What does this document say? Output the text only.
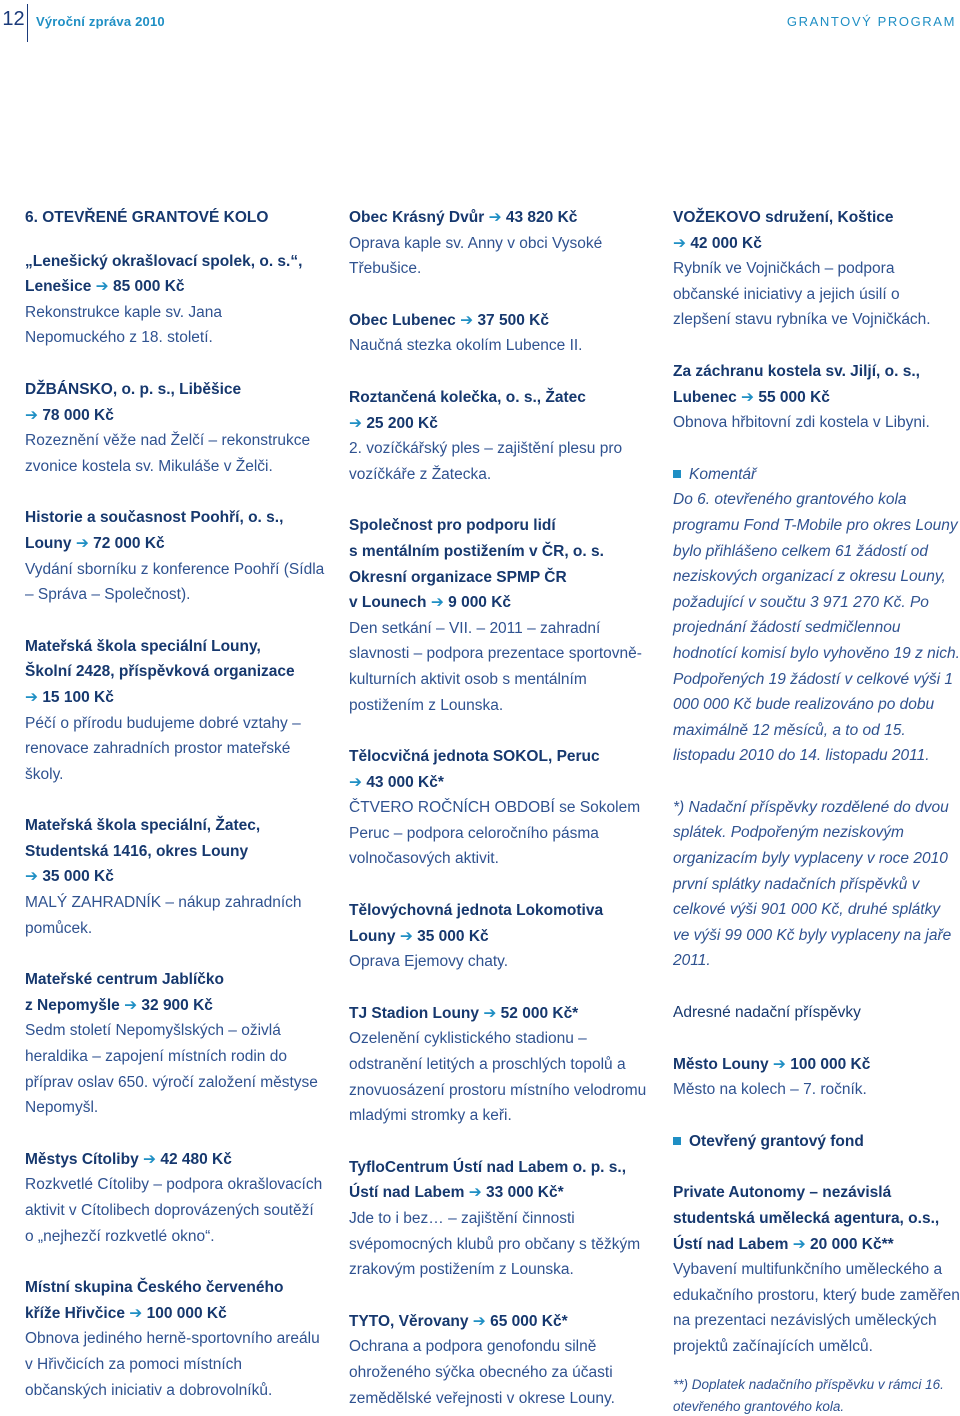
12 Výroční zpráva 2010	GRANTOVÝ PROGRAM
6. OTEVŘENÉ GRANTOVÉ KOLO
„Lenešický okrašlovací spolek, o. s.“,
Lenešice ➔ 85 000 Kč
Rekonstrukce kaple sv. Jana Nepomuckého z 18. století.
DŽBÁNSKO, o. p. s., Liběšice
➔ 78 000 Kč
Rozeznění věže nad Želčí – rekonstrukce zvonice kostela sv. Mikuláše v Želči.
Historie a současnost Poohří, o. s.,
Louny ➔ 72 000 Kč
Vydání sborníku z konference Poohří (Sídla – Správa – Společnost).
Mateřská škola speciální Louny,
Školní 2428, příspěvková organizace
➔ 15 100 Kč
Péčí o přírodu budujeme dobré vztahy – renovace zahradních prostor mateřské školy.
Mateřská škola speciální, Žatec,
Studentská 1416, okres Louny
➔ 35 000 Kč
MALÝ ZAHRADNÍK – nákup zahradních pomůcek.
Mateřské centrum Jablíčko
z Nepomyšle ➔ 32 900 Kč
Sedm století Nepomyšlských – oživlá heraldika – zapojení místních rodin do příprav oslav 650. výročí založení městyse Nepomyšl.
Městys Cítoliby ➔ 42 480 Kč
Rozkvetlé Cítoliby – podpora okrašlovacích aktivit v Cítolibech doprovázených soutěží o „nejhezčí rozkvetlé okno“.
Místní skupina Českého červeného
kříže Hřivčice ➔ 100 000 Kč
Obnova jediného herně-sportovního areálu v Hřivčicích za pomoci místních občanských iniciativ a dobrovolníků.
Obec Krásný Dvůr ➔ 43 820 Kč
Oprava kaple sv. Anny v obci Vysoké Třebušice.
Obec Lubenec ➔ 37 500 Kč
Naučná stezka okolím Lubence II.
Roztančená kolečka, o. s., Žatec
➔ 25 200 Kč
2. vozíčkářský ples – zajištění plesu pro vozíčkáře z Žatecka.
Společnost pro podporu lidí
s mentálním postižením v ČR, o. s.
Okresní organizace SPMP ČR
v Lounech ➔ 9 000 Kč
Den setkání – VII. – 2011 – zahradní slavnosti – podpora prezentace sportovně-kulturních aktivit osob s mentálním postižením z Lounska.
Tělocvičná jednota SOKOL, Peruc
➔ 43 000 Kč*
ČTVERO ROČNÍCH OBDOBÍ se Sokolem Peruc – podpora celoročního pásma volnočasových aktivit.
Tělovýchovná jednota Lokomotiva
Louny ➔ 35 000 Kč
Oprava Ejemovy chaty.
TJ Stadion Louny ➔ 52 000 Kč*
Ozelenění cyklistického stadionu – odstranění letitých a proschlých topolů a znovuosázení prostoru místního velodromu mladými stromky a keři.
TyfloCentrum Ústí nad Labem o. p. s.,
Ústí nad Labem ➔ 33 000 Kč*
Jde to i bez… – zajištění činnosti svépomocných klubů pro občany s těžkým zrakovým postižením z Lounska.
TYTO, Věrovany ➔ 65 000 Kč*
Ochrana a podpora genofondu silně ohroženého sýčka obecného za účasti zemědělské veřejnosti v okrese Louny.
VOŽEKOVO sdružení, Koštice
➔ 42 000 Kč
Rybník ve Vojničkách – podpora občanské iniciativy a jejich úsilí o zlepšení stavu rybníka ve Vojničkách.
Za záchranu kostela sv. Jiljí, o. s.,
Lubenec ➔ 55 000 Kč
Obnova hřbitovní zdi kostela v Libyni.
Komentář
Do 6. otevřeného grantového kola programu Fond T-Mobile pro okres Louny bylo přihlášeno celkem 61 žádostí od neziskových organizací z okresu Louny, požadující v součtu 3 971 270 Kč. Po projednání žádostí sedmičlennou hodnotící komisí bylo vyhověno 19 z nich. Podpořených 19 žádostí v celkové výši 1 000 000 Kč bude realizováno po dobu maximálně 12 měsíců, a to od 15. listopadu 2010 do 14. listopadu 2011.
*) Nadační příspěvky rozdělené do dvou splátek. Podpořeným neziskovým organizacím byly vyplaceny v roce 2010 první splátky nadačních příspěvků v celkové výši 901 000 Kč, druhé splátky ve výši 99 000 Kč byly vyplaceny na jaře 2011.
Adresné nadační příspěvky
Město Louny ➔ 100 000 Kč
Město na kolech – 7. ročník.
Otevřený grantový fond
Private Autonomy – nezávislá
studentská umělecká agentura, o.s.,
Ústí nad Labem ➔ 20 000 Kč**
Vybavení multifunkčního uměleckého a edukačního prostoru, který bude zaměřen na prezentaci nezávislých uměleckých projektů začínajících umělců.
**) Doplatek nadačního příspěvku v rámci 16. otevřeného grantového kola.
